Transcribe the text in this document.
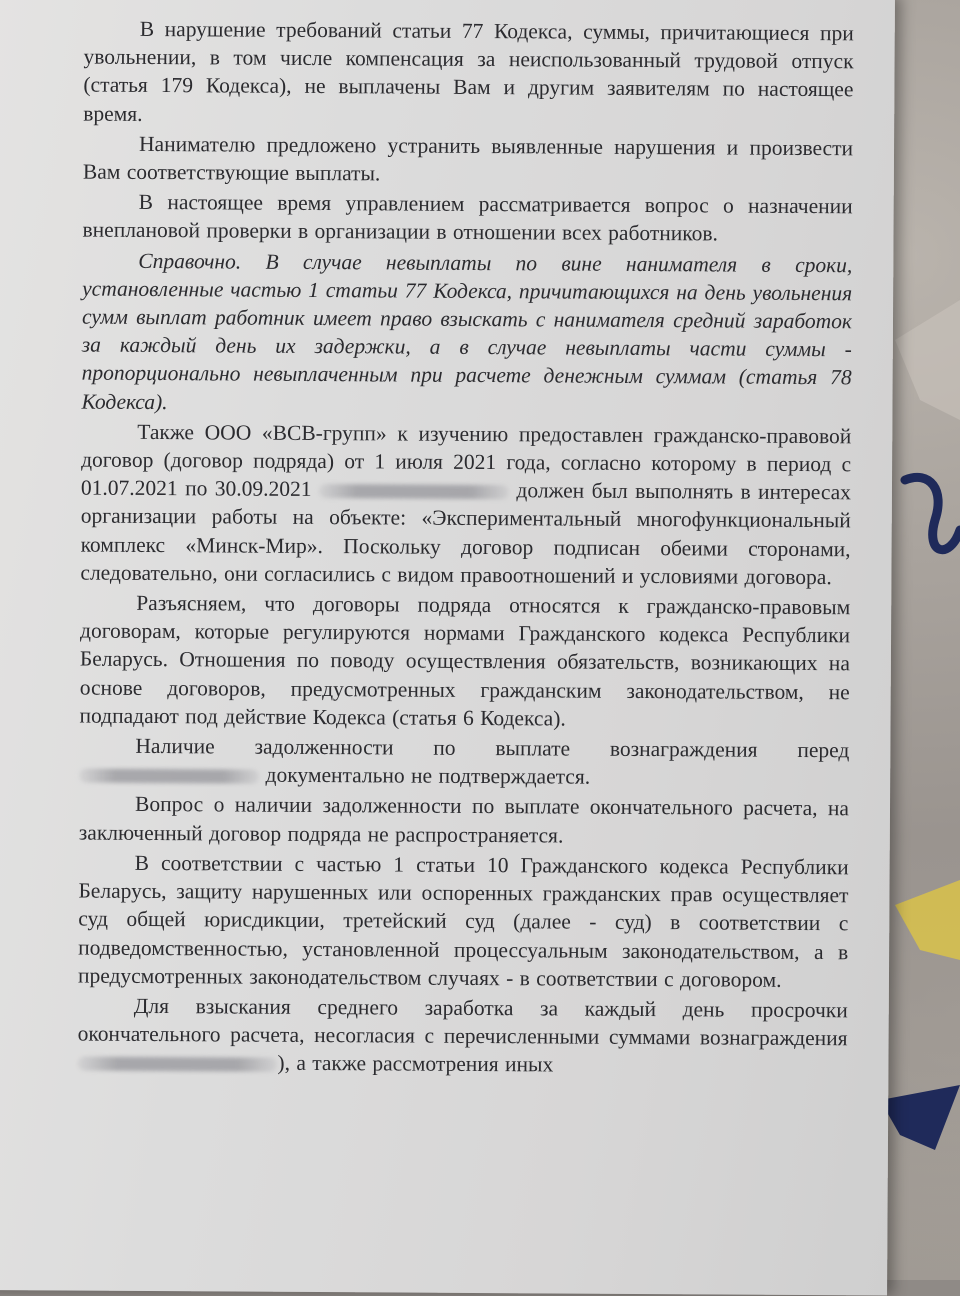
В нарушение требований статьи 77 Кодекса, суммы, причитающиеся при увольнении, в том числе компенсация за неиспользованный трудовой отпуск (статья 179 Кодекса), не выплачены Вам и другим заявителям по настоящее время.

Нанимателю предложено устранить выявленные нарушения и произвести Вам соответствующие выплаты.

В настоящее время управлением рассматривается вопрос о назначении внеплановой проверки в организации в отношении всех работников.

Справочно. В случае невыплаты по вине нанимателя в сроки, установленные частью 1 статьи 77 Кодекса, причитающихся на день увольнения сумм выплат работник имеет право взыскать с нанимателя средний заработок за каждый день их задержки, а в случае невыплаты части суммы - пропорционально невыплаченным при расчете денежным суммам (статья 78 Кодекса).

Также ООО «ВСВ-групп» к изучению предоставлен гражданско-правовой договор (договор подряда) от 1 июля 2021 года, согласно которому в период с 01.07.2021 по 30.09.2021	должен был выполнять в интересах организации работы на объекте: «Экспериментальный многофункциональный комплекс «Минск-Мир». Поскольку договор подписан обеими сторонами, следовательно, они согласились с видом правоотношений и условиями договора.

Разъясняем, что договоры подряда относятся к гражданско-правовым договорам, которые регулируются нормами Гражданского кодекса Республики Беларусь. Отношения по поводу осуществления обязательств, возникающих на основе договоров, предусмотренных гражданским законодательством, не подпадают под действие Кодекса (статья 6 Кодекса).

Наличие задолженности по выплате вознаграждения перед  документально не подтверждается.

Вопрос о наличии задолженности по выплате окончательного расчета, на заключенный договор подряда не распространяется.

В соответствии с частью 1 статьи 10 Гражданского кодекса Республики Беларусь, защиту нарушенных или оспоренных гражданских прав осуществляет суд общей юрисдикции, третейский суд (далее - суд) в соответствии с подведомственностью, установленной процессуальным законодательством, а в предусмотренных законодательством случаях - в соответствии с договором.

Для взыскания среднего заработка за каждый день просрочки окончательного расчета, несогласия с перечисленными суммами вознаграждения ), а также рассмотрения иных
